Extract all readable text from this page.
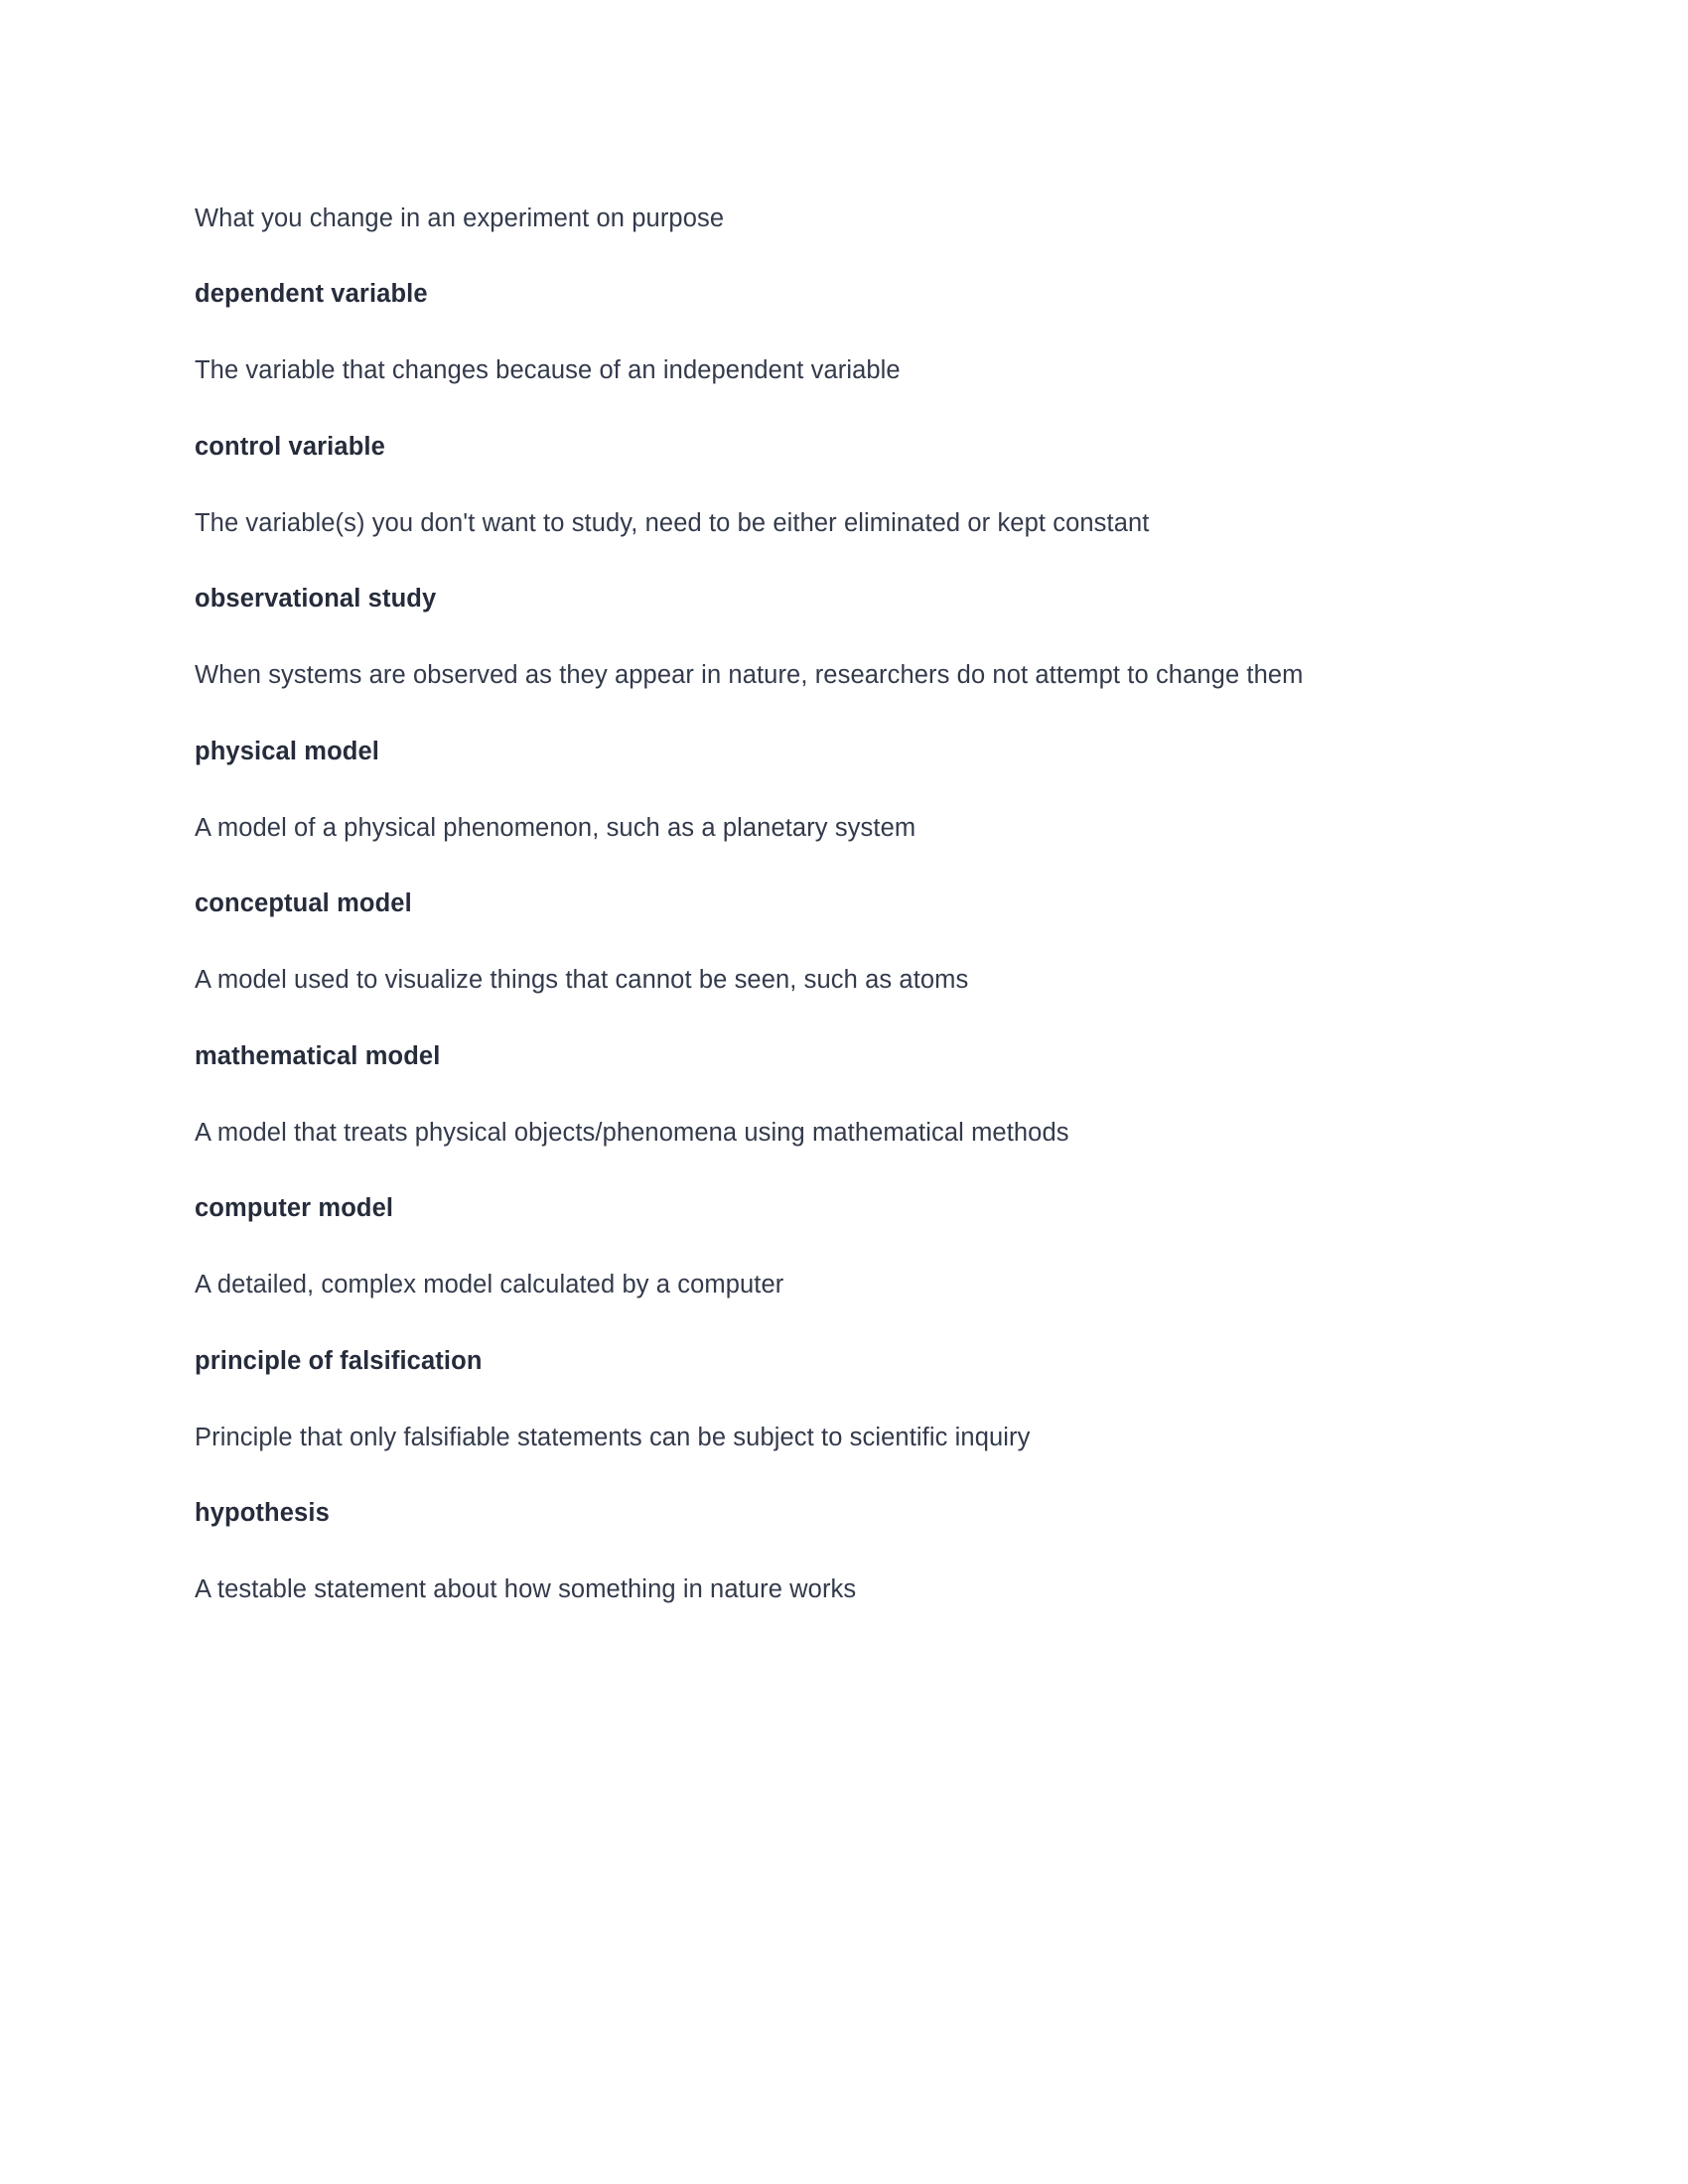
What you change in an experiment on purpose

dependent variable

The variable that changes because of an independent variable

control variable

The variable(s) you don't want to study, need to be either eliminated or kept constant

observational study

When systems are observed as they appear in nature, researchers do not attempt to change them

physical model

A model of a physical phenomenon, such as a planetary system

conceptual model

A model used to visualize things that cannot be seen, such as atoms

mathematical model

A model that treats physical objects/phenomena using mathematical methods

computer model

A detailed, complex model calculated by a computer

principle of falsification

Principle that only falsifiable statements can be subject to scientific inquiry

hypothesis

A testable statement about how something in nature works
